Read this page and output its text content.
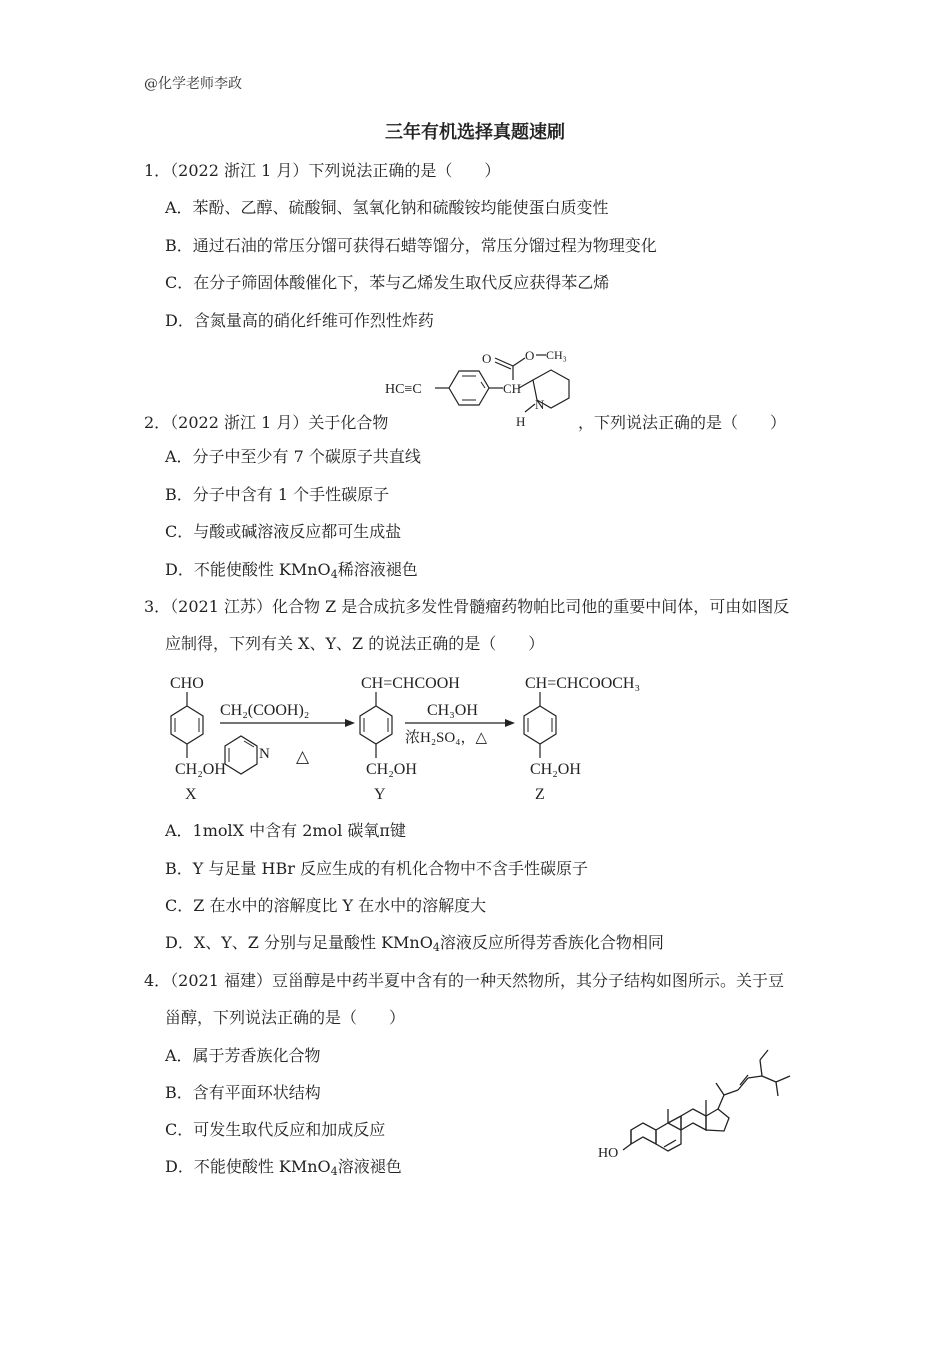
@化学老师李政
三年有机选择真题速刷
1．（2022 浙江 1 月）下列说法正确的是（　　）
A．苯酚、乙醇、硫酸铜、氢氧化钠和硫酸铵均能使蛋白质变性
B．通过石油的常压分馏可获得石蜡等馏分，常压分馏过程为物理变化
C．在分子筛固体酸催化下，苯与乙烯发生取代反应获得苯乙烯
D．含氮量高的硝化纤维可作烈性炸药
2．（2022 浙江 1 月）关于化合物	，下列说法正确的是（　　）
HC≡C	CH
O	O CH₃
N
H
A．分子中至少有 7 个碳原子共直线
B．分子中含有 1 个手性碳原子
C．与酸或碱溶液反应都可生成盐
D．不能使酸性 KMnO$_4$稀溶液褪色
3．（2021 江苏）化合物 Z 是合成抗多发性骨髓瘤药物帕比司他的重要中间体，可由如图反
应制得，下列有关 X、Y、Z 的说法正确的是（　　）
CHO
CH₂OH
X
CH₂(COOH)₂
N △
CH=CHCOOH
CH₂OH
Y
CH₃OH
浓H₂SO₄，△
CH=CHCOOCH₃
CH₂OH
Z
A．1molX 中含有 2mol 碳氧π键
B．Y 与足量 HBr 反应生成的有机化合物中不含手性碳原子
C．Z 在水中的溶解度比 Y 在水中的溶解度大
D．X、Y、Z 分别与足量酸性 KMnO$_4$溶液反应所得芳香族化合物相同
4．（2021 福建）豆甾醇是中药半夏中含有的一种天然物所，其分子结构如图所示。关于豆
甾醇，下列说法正确的是（　　）
A．属于芳香族化合物
B．含有平面环状结构
C．可发生取代反应和加成反应
D．不能使酸性 KMnO$_4$溶液褪色
HO
